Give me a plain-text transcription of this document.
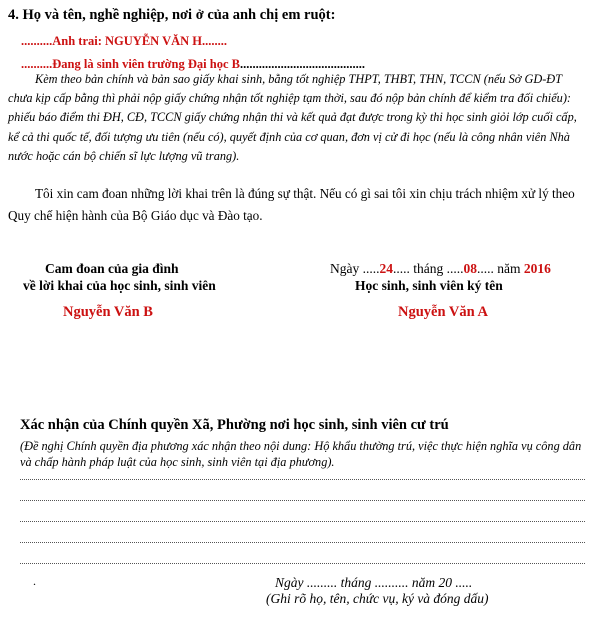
4. Họ và tên, nghề nghiệp, nơi ở của anh chị em ruột:
..........Anh trai: NGUYỄN VĂN H........
..........Đang là sinh viên trường Đại học B........................................
Kèm theo bản chính và bản sao giấy khai sinh, bằng tốt nghiệp THPT, THBT, THN, TCCN (nếu Sở GD-ĐT chưa kịp cấp bằng thì phải nộp giấy chứng nhận tốt nghiệp tạm thời, sau đó nộp bản chính để kiểm tra đối chiếu): phiếu báo điểm thi ĐH, CĐ, TCCN giấy chứng nhận thi và kết quả đạt được trong kỳ thi học sinh giỏi lớp cuối cấp, kể cả thi quốc tế, đối tượng ưu tiên (nếu có), quyết định của cơ quan, đơn vị cử đi học (nếu là công nhân viên Nhà nước hoặc cán bộ chiến sĩ lực lượng vũ trang).
Tôi xin cam đoan những lời khai trên là đúng sự thật. Nếu có gì sai tôi xin chịu trách nhiệm xử lý theo Quy chế hiện hành của Bộ Giáo dục và Đào tạo.
Cam đoan của gia đình
về lời khai của học sinh, sinh viên
Ngày .....24..... tháng .....08..... năm 2016
Học sinh, sinh viên ký tên
Nguyễn Văn B	Nguyễn Văn A
Xác nhận của Chính quyền Xã, Phường nơi học sinh, sinh viên cư trú
(Đề nghị Chính quyền địa phương xác nhận theo nội dung: Hộ khẩu thường trú, việc thực hiện nghĩa vụ công dân và chấp hành pháp luật của học sinh, sinh viên tại địa phương).
.	Ngày ......... tháng .......... năm 20 .....
(Ghi rõ họ, tên, chức vụ, ký và đóng dấu)
